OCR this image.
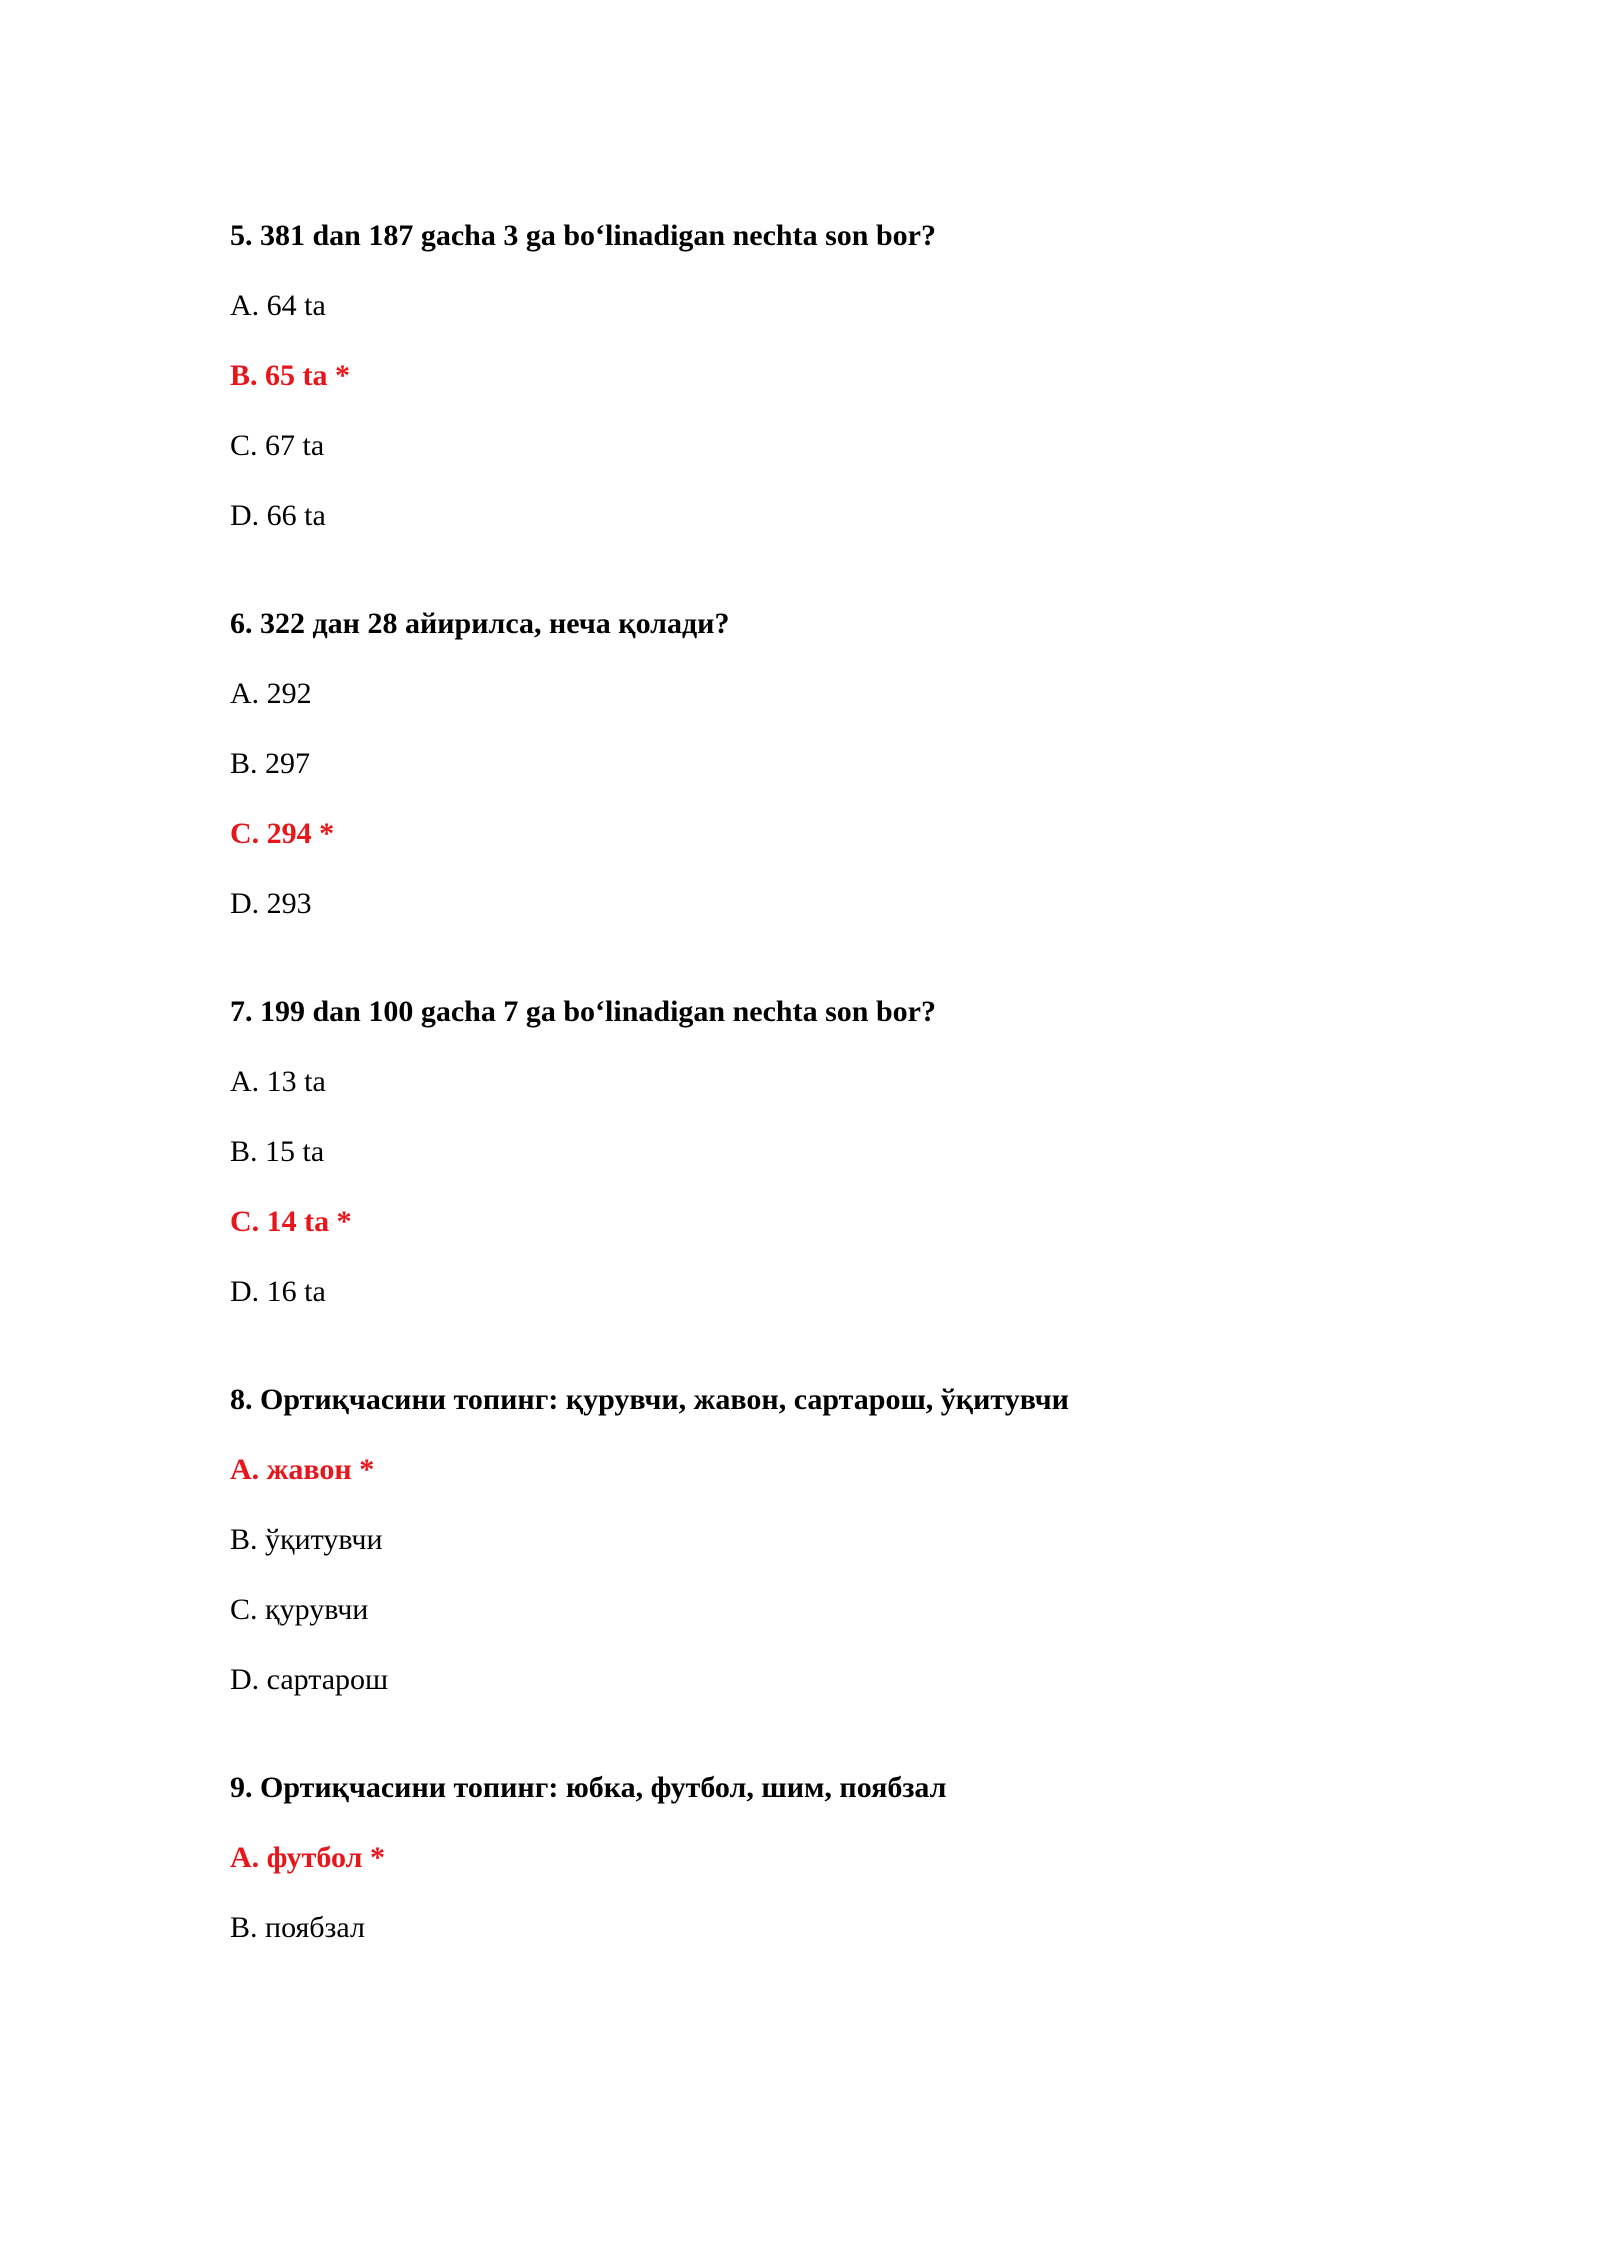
5. 381 dan 187 gacha 3 ga bo‘linadigan nechta son bor?
A. 64 ta
B. 65 ta *
C. 67 ta
D. 66 ta
6. 322 дан 28 айирилса, неча қолади?
A. 292
B. 297
C. 294 *
D. 293
7. 199 dan 100 gacha 7 ga bo‘linadigan nechta son bor?
A. 13 ta
B. 15 ta
C. 14 ta *
D. 16 ta
8. Ортиқчасини топинг: қурувчи, жавон, сартарош, ўқитувчи
A. жавон *
B. ўқитувчи
C. қурувчи
D. сартарош
9. Ортиқчасини топинг: юбка, футбол, шим, поябзал
A. футбол *
B. поябзал
